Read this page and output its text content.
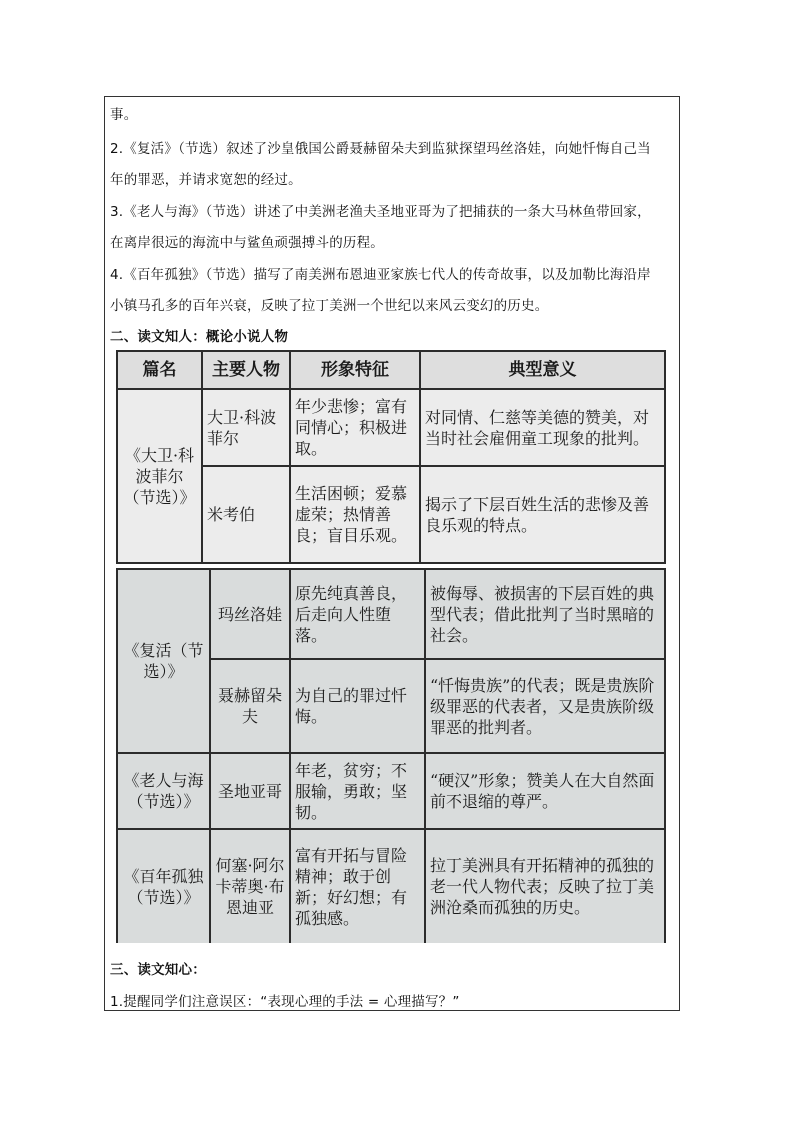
事。
2.《复活》（节选）叙述了沙皇俄国公爵聂赫留朵夫到监狱探望玛丝洛娃，向她忏悔自己当
年的罪恶，并请求宽恕的经过。
3.《老人与海》（节选）讲述了中美洲老渔夫圣地亚哥为了把捕获的一条大马林鱼带回家，
在离岸很远的海流中与鲨鱼顽强搏斗的历程。
4.《百年孤独》（节选）描写了南美洲布恩迪亚家族七代人的传奇故事，以及加勒比海沿岸
小镇马孔多的百年兴衰，反映了拉丁美洲一个世纪以来风云变幻的历史。
二、读文知人：概论小说人物
篇名	主要人物	形象特征	典型意义
《大卫·科波菲尔（节选）》	大卫·科波菲尔	年少悲惨；富有同情心；积极进取。	对同情、仁慈等美德的赞美，对当时社会雇佣童工现象的批判。
	米考伯	生活困顿；爱慕虚荣；热情善良；盲目乐观。	揭示了下层百姓生活的悲惨及善良乐观的特点。
《复活（节选）》	玛丝洛娃	原先纯真善良，后走向人性堕落。	被侮辱、被损害的下层百姓的典型代表；借此批判了当时黑暗的社会。
	聂赫留朵夫	为自己的罪过忏悔。	“忏悔贵族”的代表；既是贵族阶级罪恶的代表者，又是贵族阶级罪恶的批判者。
《老人与海（节选）》	圣地亚哥	年老，贫穷；不服输，勇敢；坚韧。	“硬汉”形象；赞美人在大自然面前不退缩的尊严。
《百年孤独（节选）》	何塞·阿尔卡蒂奥·布恩迪亚	富有开拓与冒险精神；敢于创新；好幻想；有孤独感。	拉丁美洲具有开拓精神的孤独的老一代人物代表；反映了拉丁美洲沧桑而孤独的历史。
三、读文知心：
1.提醒同学们注意误区：“表现心理的手法 = 心理描写？”
